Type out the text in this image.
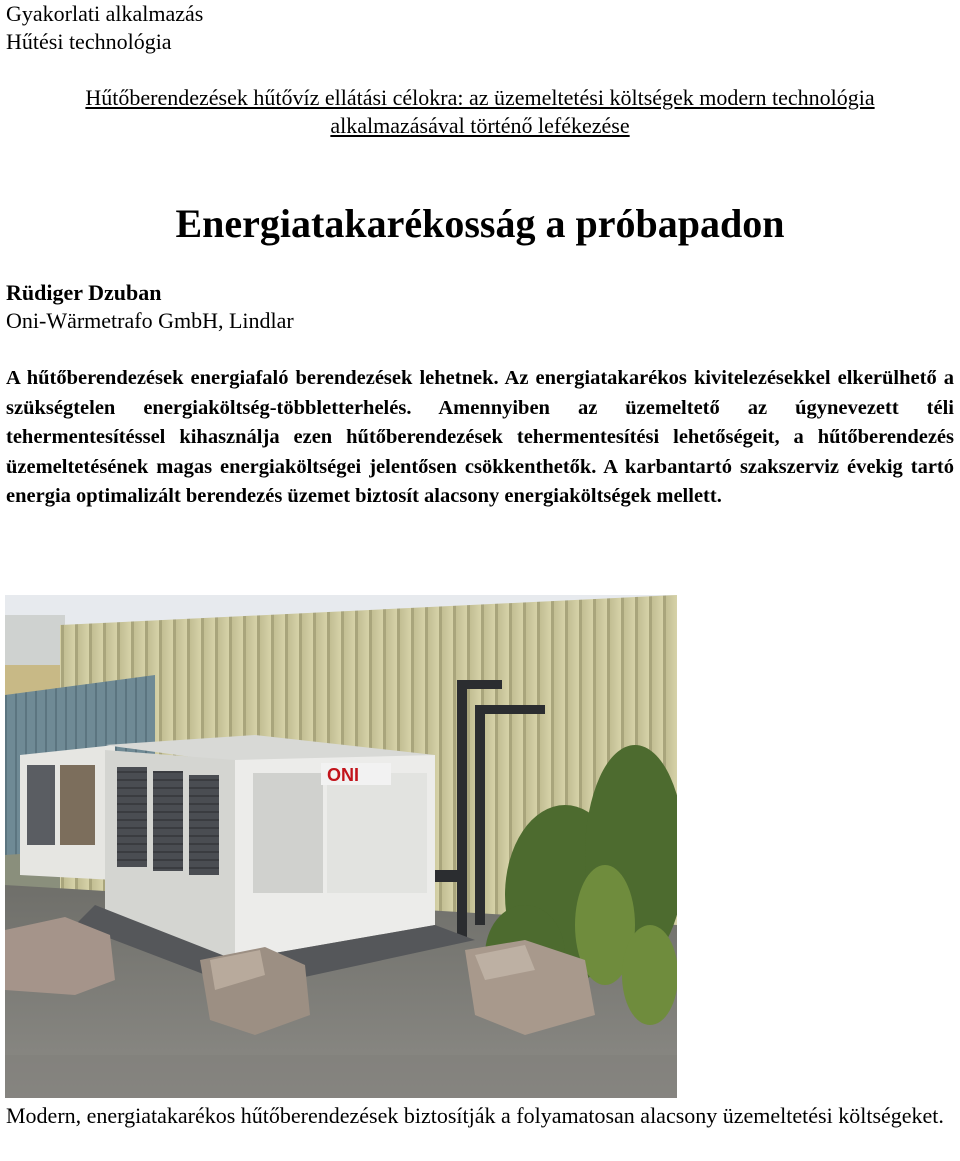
Gyakorlati alkalmazás
Hűtési technológia
Hűtőberendezések hűtővíz ellátási célokra: az üzemeltetési költségek modern technológia
alkalmazásával történő lefékezése
Energiatakarékosság a próbapadon
Rüdiger Dzuban
Oni-Wärmetrafo GmbH, Lindlar

A hűtőberendezések energiafaló berendezések lehetnek. Az energiatakarékos kivitelezésekkel elkerülhető a szükségtelen energiaköltség-többletterhelés. Amennyiben az üzemeltető az úgynevezett téli tehermentesítéssel kihasználja ezen hűtőberendezések tehermentesítési lehetőségeit, a hűtőberendezés üzemeltetésének magas energiaköltségei jelentősen csökkenthetők. A karbantartó szakszerviz évekig tartó energia optimalizált berendezés üzemet biztosít alacsony energiaköltségek mellett.

ONI

Modern, energiatakarékos hűtőberendezések biztosítják a folyamatosan alacsony üzemeltetési költségeket.
